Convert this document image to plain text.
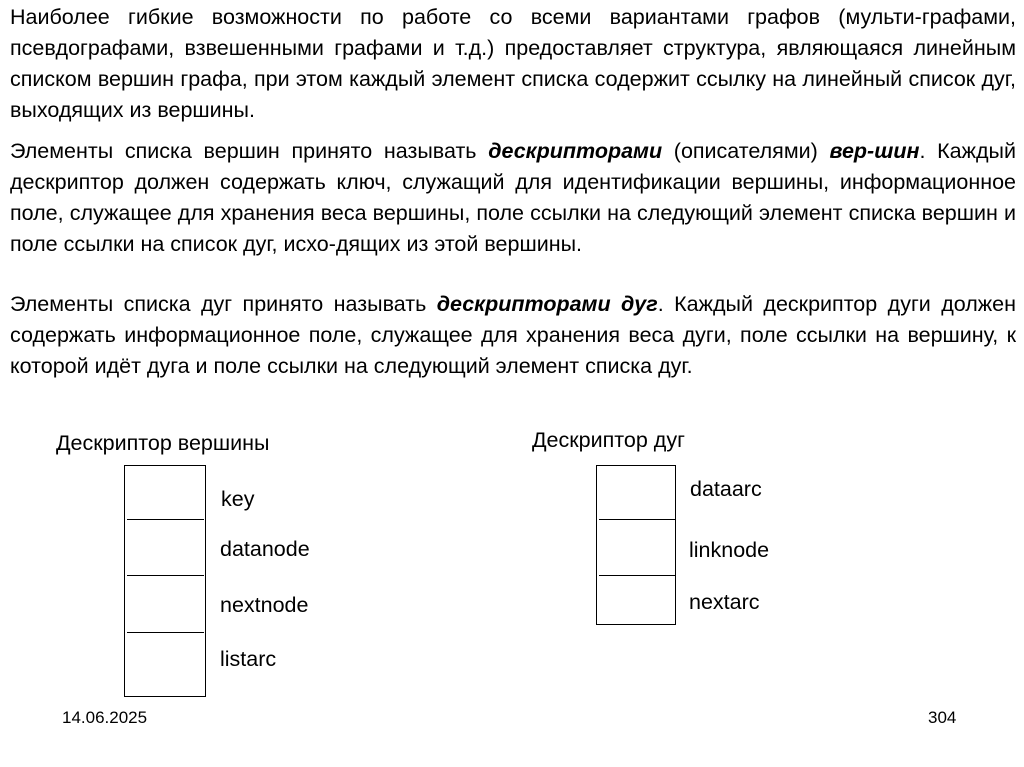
Наиболее гибкие возможности по работе со всеми вариантами графов (мульти-графами, псевдографами, взвешенными графами и т.д.) предоставляет структура, являющаяся линейным списком вершин графа, при этом каждый элемент списка содержит ссылку на линейный список дуг, выходящих из вершины.

Элементы списка вершин принято называть дескрипторами (описателями) вер-шин. Каждый дескриптор должен содержать ключ, служащий для идентификации вершины, информационное поле, служащее для хранения веса вершины, поле ссылки на следующий элемент списка вершин и поле ссылки на список дуг, исхо-дящих из этой вершины.

Элементы списка дуг принято называть дескрипторами дуг. Каждый дескриптор дуги должен содержать информационное поле, служащее для хранения веса дуги, поле ссылки на вершину, к которой идёт дуга и поле ссылки на следующий элемент списка дуг.

Дескриптор вершины
key
datanode
nextnode
listarc
Дескриптор дуг
dataarc
linknode
nextarc
14.06.2025	304
